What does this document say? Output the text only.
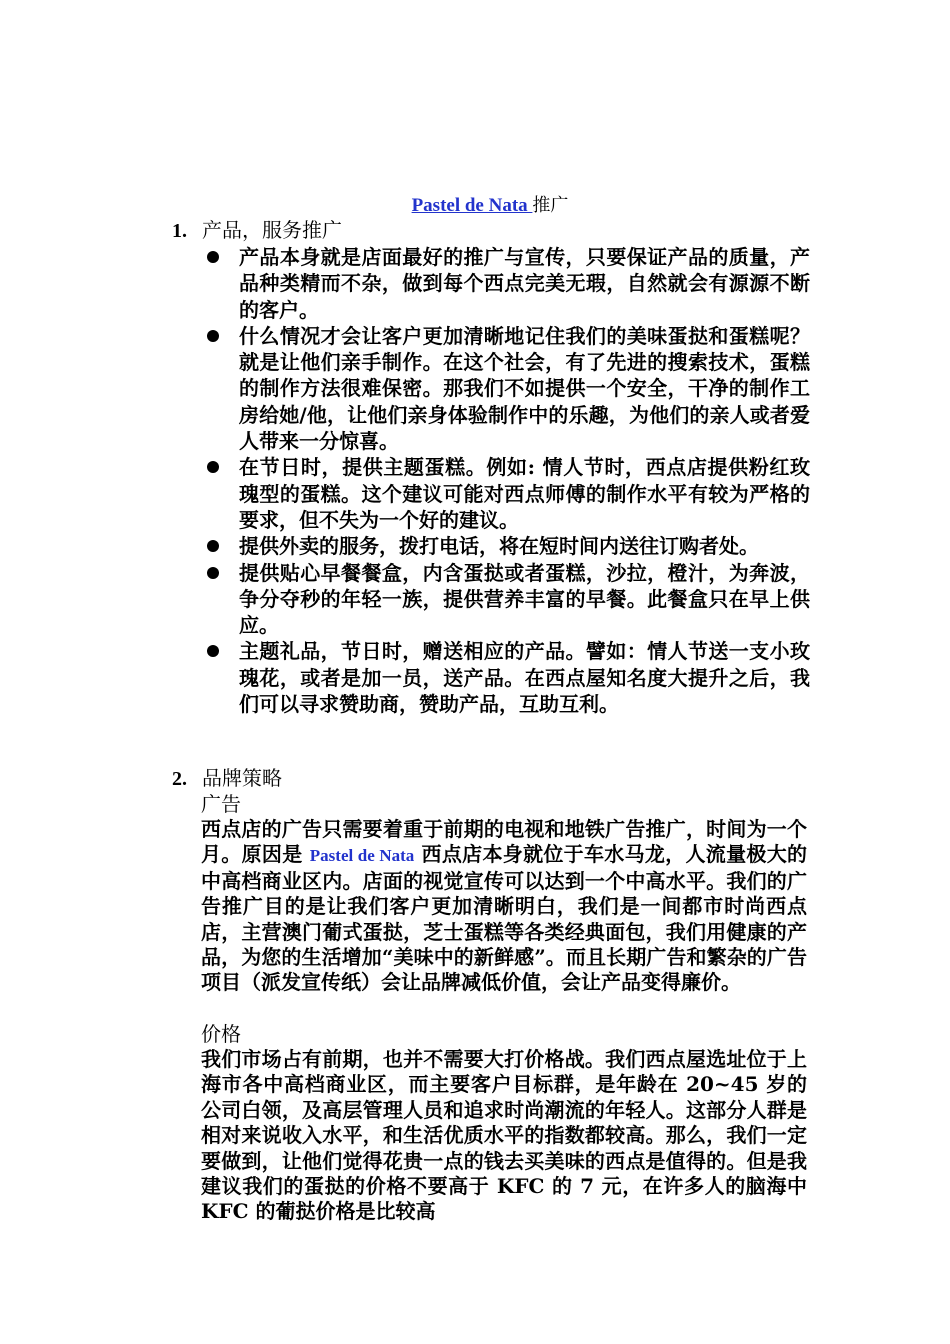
Pastel de Nata 推广
1. 产品，服务推广
产品本身就是店面最好的推广与宣传，只要保证产品的质量，产品种类精而不杂，做到每个西点完美无瑕，自然就会有源源不断的客户。
什么情况才会让客户更加清晰地记住我们的美味蛋挞和蛋糕呢？就是让他们亲手制作。在这个社会，有了先进的搜索技术，蛋糕的制作方法很难保密。那我们不如提供一个安全，干净的制作工房给她/他，让他们亲身体验制作中的乐趣，为他们的亲人或者爱人带来一分惊喜。
在节日时，提供主题蛋糕。例如: 情人节时，西点店提供粉红玫瑰型的蛋糕。这个建议可能对西点师傅的制作水平有较为严格的要求，但不失为一个好的建议。
提供外卖的服务，拨打电话，将在短时间内送往订购者处。
提供贴心早餐餐盒，内含蛋挞或者蛋糕，沙拉，橙汁，为奔波，争分夺秒的年轻一族，提供营养丰富的早餐。此餐盒只在早上供应。
主题礼品，节日时，赠送相应的产品。譬如：情人节送一支小玫瑰花，或者是加一员，送产品。在西点屋知名度大提升之后，我们可以寻求赞助商，赞助产品，互助互利。
2. 品牌策略
广告
西点店的广告只需要着重于前期的电视和地铁广告推广，时间为一个月。原因是 Pastel de Nata 西点店本身就位于车水马龙，人流量极大的中高档商业区内。店面的视觉宣传可以达到一个中高水平。我们的广告推广目的是让我们客户更加清晰明白，我们是一间都市时尚西点店，主营澳门葡式蛋挞，芝士蛋糕等各类经典面包，我们用健康的产品，为您的生活增加“美味中的新鲜感”。而且长期广告和繁杂的广告项目（派发宣传纸）会让品牌减低价值，会让产品变得廉价。
价格
我们市场占有前期，也并不需要大打价格战。我们西点屋选址位于上海市各中高档商业区，而主要客户目标群，是年龄在 20~45 岁的公司白领，及高层管理人员和追求时尚潮流的年轻人。这部分人群是相对来说收入水平，和生活优质水平的指数都较高。那么，我们一定要做到，让他们觉得花贵一点的钱去买美味的西点是值得的。但是我建议我们的蛋挞的价格不要高于 KFC 的 7 元，在许多人的脑海中 KFC 的葡挞价格是比较高
